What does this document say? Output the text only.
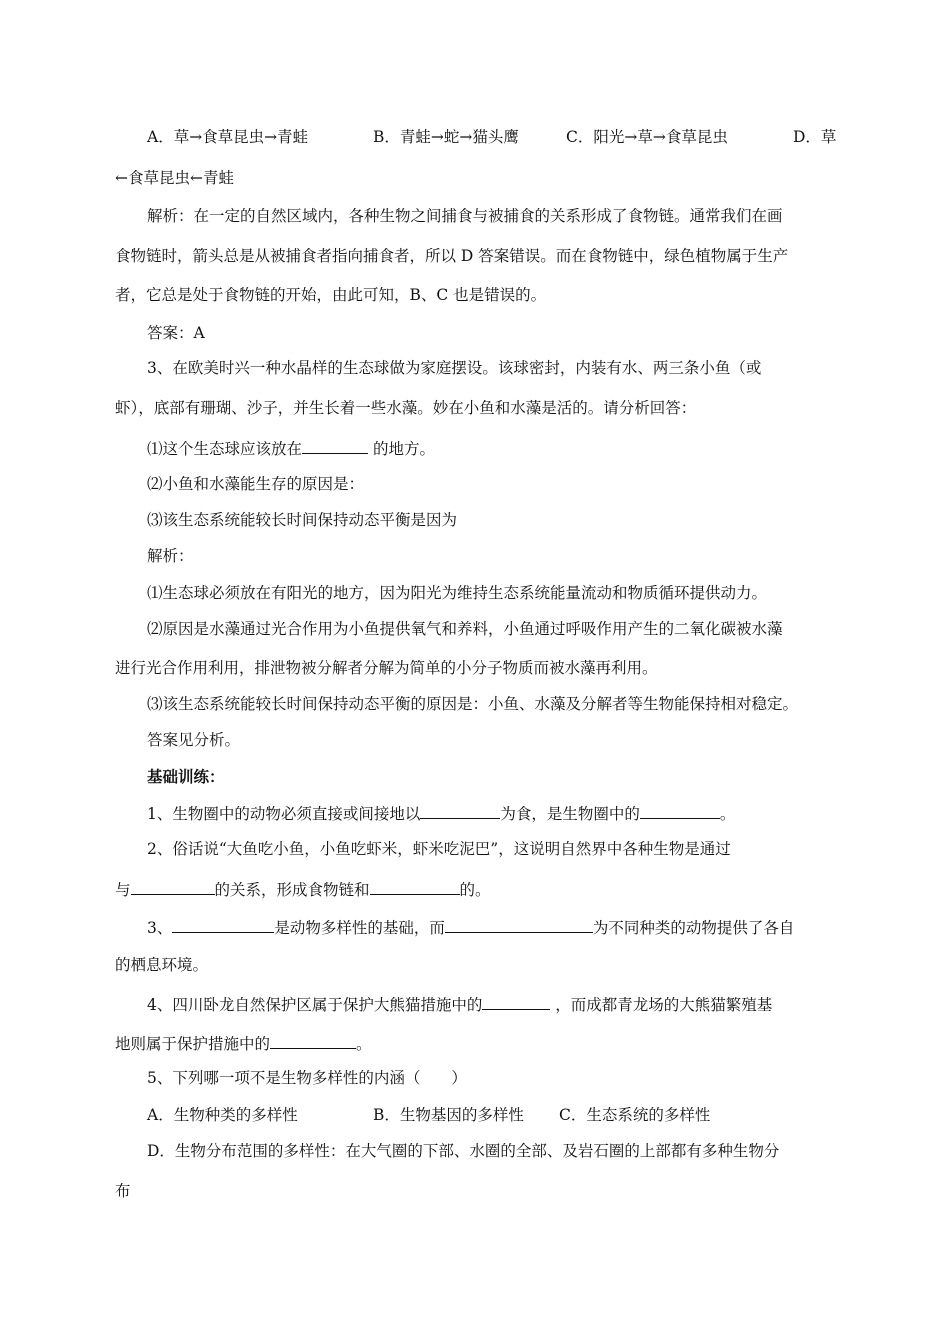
A．草→食草昆虫→青蛙	B．青蛙→蛇→猫头鹰	C．阳光→草→食草昆虫	D．草
←食草昆虫←青蛙
解析：在一定的自然区域内，各种生物之间捕食与被捕食的关系形成了食物链。通常我们在画
食物链时，箭头总是从被捕食者指向捕食者，所以 D 答案错误。而在食物链中，绿色植物属于生产
者，它总是处于食物链的开始，由此可知，B、C 也是错误的。
答案：A
3、在欧美时兴一种水晶样的生态球做为家庭摆设。该球密封，内装有水、两三条小鱼（或
虾），底部有珊瑚、沙子，并生长着一些水藻。妙在小鱼和水藻是活的。请分析回答：
⑴这个生态球应该放在	的地方。
⑵小鱼和水藻能生存的原因是：
⑶该生态系统能较长时间保持动态平衡是因为
解析：
⑴生态球必须放在有阳光的地方，因为阳光为维持生态系统能量流动和物质循环提供动力。
⑵原因是水藻通过光合作用为小鱼提供氧气和养料，小鱼通过呼吸作用产生的二氧化碳被水藻
进行光合作用利用，排泄物被分解者分解为简单的小分子物质而被水藻再利用。
⑶该生态系统能较长时间保持动态平衡的原因是：小鱼、水藻及分解者等生物能保持相对稳定。
答案见分析。
基础训练：
1、生物圈中的动物必须直接或间接地以	为食，是生物圈中的	。
2、俗话说“大鱼吃小鱼，小鱼吃虾米，虾米吃泥巴”，这说明自然界中各种生物是通过
与	的关系，形成食物链和	的。
3、	是动物多样性的基础，而	为不同种类的动物提供了各自
的栖息环境。
4、四川卧龙自然保护区属于保护大熊猫措施中的	，而成都青龙场的大熊猫繁殖基
地则属于保护措施中的	。
5、下列哪一项不是生物多样性的内涵（　　）
A．生物种类的多样性	B．生物基因的多样性 C．生态系统的多样性
D．生物分布范围的多样性：在大气圈的下部、水圈的全部、及岩石圈的上部都有多种生物分
布
